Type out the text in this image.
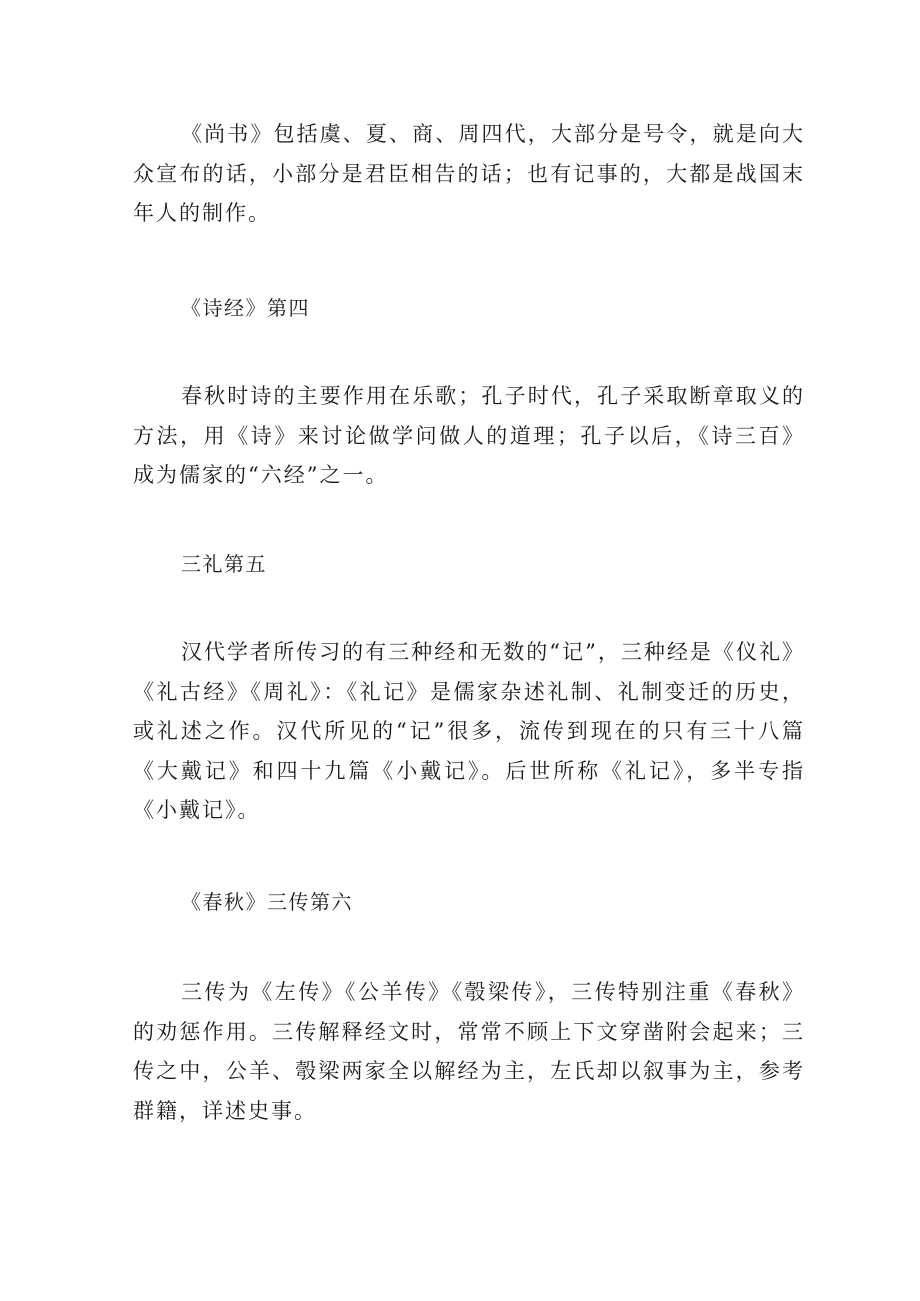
《尚书》包括虞、夏、商、周四代，大部分是号令，就是向大众宣布的话，小部分是君臣相告的话；也有记事的，大都是战国末年人的制作。

《诗经》第四

春秋时诗的主要作用在乐歌；孔子时代，孔子采取断章取义的方法，用《诗》来讨论做学问做人的道理；孔子以后，《诗三百》成为儒家的“六经”之一。

三礼第五

汉代学者所传习的有三种经和无数的“记”，三种经是《仪礼》《礼古经》《周礼》：《礼记》是儒家杂述礼制、礼制变迁的历史，或礼述之作。汉代所见的“记”很多，流传到现在的只有三十八篇《大戴记》和四十九篇《小戴记》。后世所称《礼记》，多半专指《小戴记》。

《春秋》三传第六

三传为《左传》《公羊传》《彀梁传》，三传特别注重《春秋》的劝惩作用。三传解释经文时，常常不顾上下文穿凿附会起来；三传之中，公羊、彀梁两家全以解经为主，左氏却以叙事为主，参考群籍，详述史事。
